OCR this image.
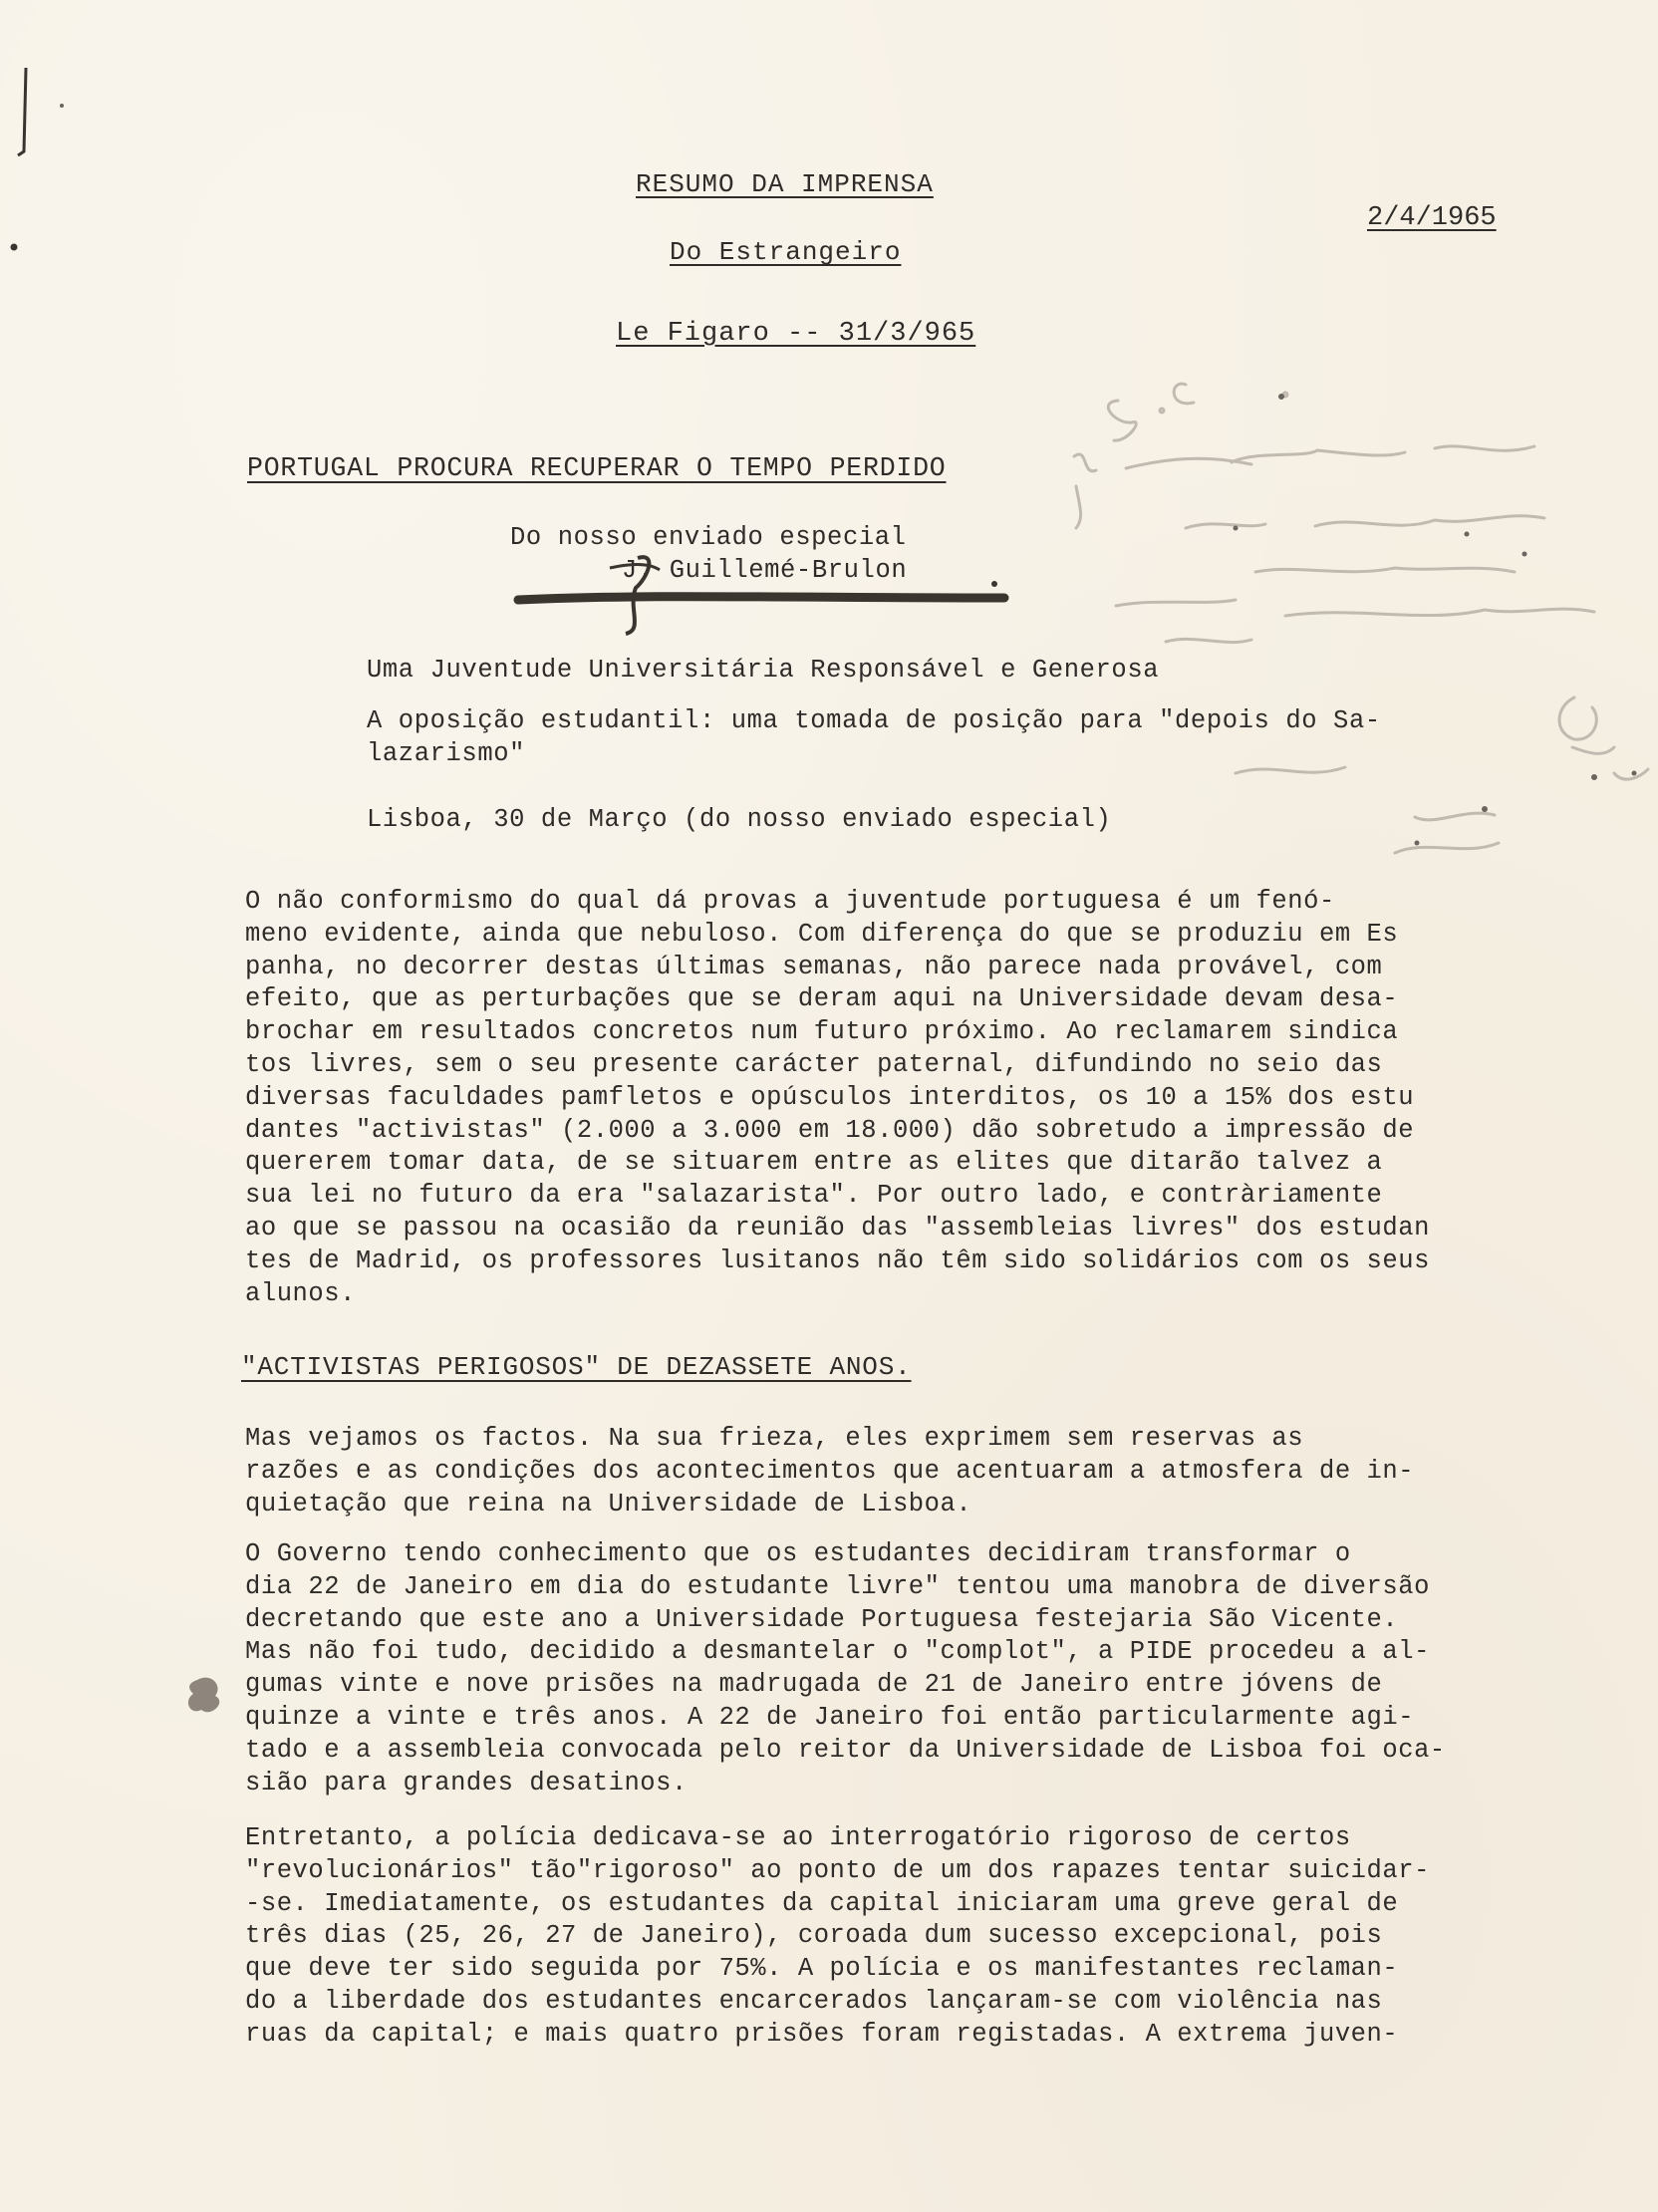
RESUMO DA IMPRENSA
2/4/1965
Do Estrangeiro
Le Figaro -- 31/3/965
PORTUGAL PROCURA RECUPERAR O TEMPO PERDIDO
Do nosso enviado especial
J. Guillemé-Brulon
Uma Juventude Universitária Responsável e Generosa
A oposição estudantil: uma tomada de posição para "depois do Sa-
lazarismo"
Lisboa, 30 de Março (do nosso enviado especial)
O não conformismo do qual dá provas a juventude portuguesa é um fenó-
meno evidente, ainda que nebuloso. Com diferença do que se produziu em Es
panha, no decorrer destas últimas semanas, não parece nada provável, com
efeito, que as perturbações que se deram aqui na Universidade devam desa-
brochar em resultados concretos num futuro próximo. Ao reclamarem sindica
tos livres, sem o seu presente carácter paternal, difundindo no seio das
diversas faculdades pamfletos e opúsculos interditos, os 10 a 15% dos estu
dantes "activistas" (2.000 a 3.000 em 18.000) dão sobretudo a impressão de
quererem tomar data, de se situarem entre as elites que ditarão talvez a
sua lei no futuro da era "salazarista". Por outro lado, e contràriamente
ao que se passou na ocasião da reunião das "assembleias livres" dos estudan
tes de Madrid, os professores lusitanos não têm sido solidários com os seus
alunos.
"ACTIVISTAS PERIGOSOS" DE DEZASSETE ANOS.
Mas vejamos os factos. Na sua frieza, eles exprimem sem reservas as
razões e as condições dos acontecimentos que acentuaram a atmosfera de in-
quietação que reina na Universidade de Lisboa.
O Governo tendo conhecimento que os estudantes decidiram transformar o
dia 22 de Janeiro em dia do estudante livre" tentou uma manobra de diversão
decretando que este ano a Universidade Portuguesa festejaria São Vicente.
Mas não foi tudo, decidido a desmantelar o "complot", a PIDE procedeu a al-
gumas vinte e nove prisões na madrugada de 21 de Janeiro entre jóvens de
quinze a vinte e três anos. A 22 de Janeiro foi então particularmente agi-
tado e a assembleia convocada pelo reitor da Universidade de Lisboa foi oca-
sião para grandes desatinos.
Entretanto, a polícia dedicava-se ao interrogatório rigoroso de certos
"revolucionários" tão"rigoroso" ao ponto de um dos rapazes tentar suicidar-
-se. Imediatamente, os estudantes da capital iniciaram uma greve geral de
três dias (25, 26, 27 de Janeiro), coroada dum sucesso excepcional, pois
que deve ter sido seguida por 75%. A polícia e os manifestantes reclaman-
do a liberdade dos estudantes encarcerados lançaram-se com violência nas
ruas da capital; e mais quatro prisões foram registadas. A extrema juven-
